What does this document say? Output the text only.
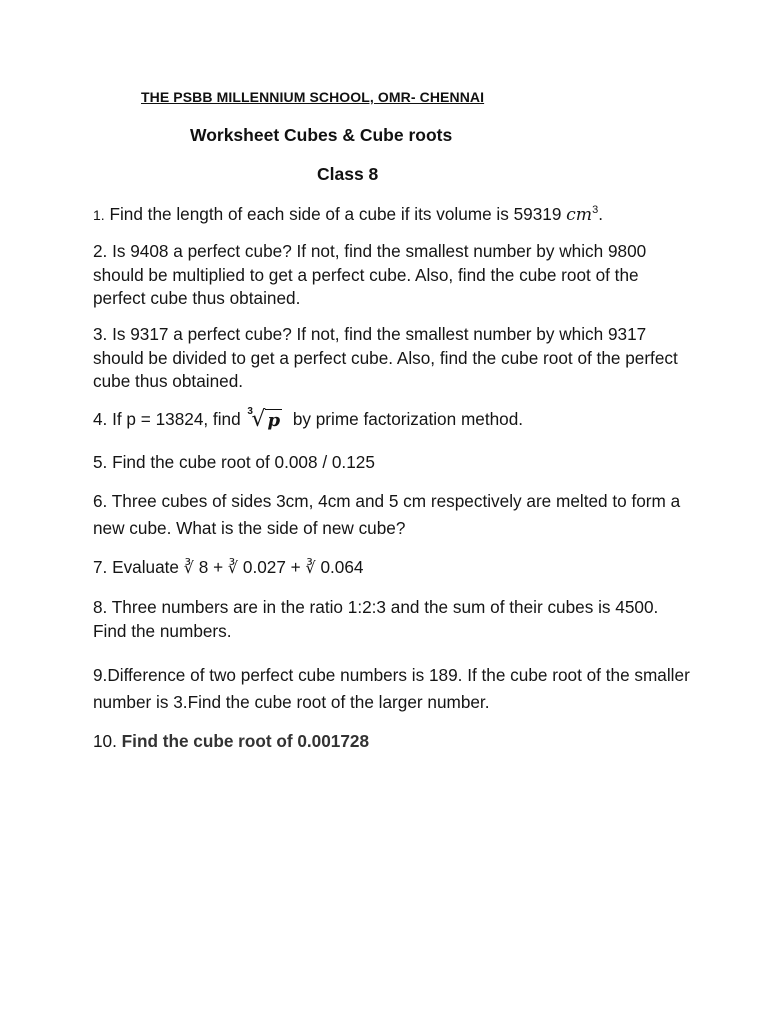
THE PSBB MILLENNIUM SCHOOL, OMR- CHENNAI
Worksheet Cubes & Cube roots
Class 8
1. Find the length of each side of a cube if its volume is 59319 $cm^3$.
2. Is 9408 a perfect cube? If not, find the smallest number by which 9800 should be multiplied to get a perfect cube. Also, find the cube root of the perfect cube thus obtained.
3. Is 9317 a perfect cube? If not, find the smallest number by which 9317 should be divided to get a perfect cube. Also, find the cube root of the perfect cube thus obtained.
4. If p = 13824, find 3
√ p by prime factorization method.
5. Find the cube root of 0.008 / 0.125
6. Three cubes of sides 3cm, 4cm and 5 cm respectively are melted to form a new cube. What is the side of new cube?
7. Evaluate ∛ 8 + ∛ 0.027 + ∛ 0.064
8. Three numbers are in the ratio 1:2:3 and the sum of their cubes is 4500. Find the numbers.
9.Difference of two perfect cube numbers is 189. If the cube root of the smaller number is 3.Find the cube root of the larger number.
10. Find the cube root of 0.001728
